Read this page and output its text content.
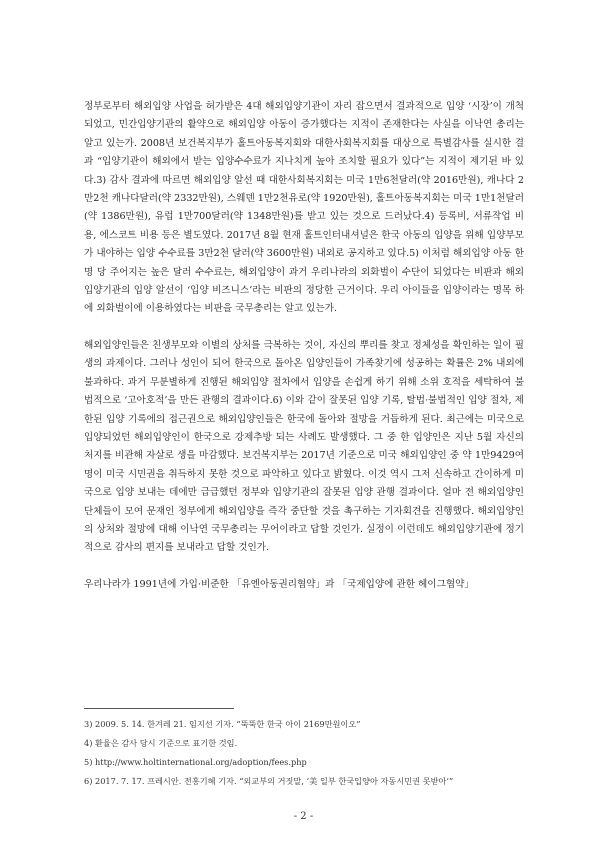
정부로부터 해외입양 사업을 허가받은 4대 해외입양기관이 자리 잡으면서 결과적으로 입양 ‘시장’이 개척되었고, 민간입양기관의 활약으로 해외입양 아동이 증가했다는 지적이 존재한다는 사실을 이낙연 총리는 알고 있는가. 2008년 보건복지부가 홀트아동복지회와 대한사회복지회를 대상으로 특별감사를 실시한 결과 “입양기관이 해외에서 받는 입양수수료가 지나치게 높아 조치할 필요가 있다”는 지적이 제기된 바 있다.3) 감사 결과에 따르면 해외입양 알선 때 대한사회복지회는 미국 1만6천달러(약 2016만원), 캐나다 2만2천 캐나다달러(약 2332만원), 스웨덴 1만2천유로(약 1920만원), 홀트아동복지회는 미국 1만1천달러(약 1386만원), 유럽 1만700달러(약 1348만원)를 받고 있는 것으로 드러났다.4) 등록비, 서류작업 비용, 에스코트 비용 등은 별도였다. 2017년 8월 현재 홀트인터내셔널은 한국 아동의 입양을 위해 입양부모가 내야하는 입양 수수료를 3만2천 달러(약 3600만원) 내외로 공지하고 있다.5) 이처럼 해외입양 아동 한명 당 주어지는 높은 달러 수수료는, 해외입양이 과거 우리나라의 외화벌이 수단이 되었다는 비판과 해외입양기관의 입양 알선이 ‘입양 비즈니스’라는 비판의 정당한 근거이다. 우리 아이들을 입양이라는 명목 하에 외화벌이에 이용하였다는 비판을 국무총리는 알고 있는가.

해외입양인들은 친생부모와 이별의 상처를 극복하는 것이, 자신의 뿌리를 찾고 정체성을 확인하는 일이 필생의 과제이다. 그러나 성인이 되어 한국으로 돌아온 입양인들이 가족찾기에 성공하는 확률은 2% 내외에 불과하다. 과거 무분별하게 진행된 해외입양 절차에서 입양을 손쉽게 하기 위해 소위 호적을 세탁하여 불법적으로 ‘고아호적’을 만든 관행의 결과이다.6) 이와 같이 잘못된 입양 기록, 탈법·불법적인 입양 절차, 제한된 입양 기록에의 접근권으로 해외입양인들은 한국에 돌아와 절망을 거듭하게 된다. 최근에는 미국으로 입양되었던 해외입양인이 한국으로 강제추방 되는 사례도 발생했다. 그 중 한 입양인은 지난 5월 자신의 처지를 비관해 자살로 생을 마감했다. 보건복지부는 2017년 기준으로 미국 해외입양인 중 약 1만9429여명이 미국 시민권을 취득하지 못한 것으로 파악하고 있다고 밝혔다. 이것 역시 그저 신속하고 간이하게 미국으로 입양 보내는 데에만 급급했던 정부와 입양기관의 잘못된 입양 관행 결과이다. 얼마 전 해외입양인 단체들이 모여 문재인 정부에게 해외입양을 즉각 중단할 것을 촉구하는 기자회견을 진행했다. 해외입양인의 상처와 절망에 대해 이낙연 국무총리는 무어이라고 답할 것인가. 실정이 이런데도 해외입양기관에 정기적으로 감사의 편지를 보내라고 답할 것인가.

우리나라가 1991년에 가입·비준한 「유엔아동권리협약」과 「국제입양에 관한 헤이그협약」

3) 2009. 5. 14. 한겨레 21. 임지선 기자. “뚝뚝한 한국 아이 2169만원이오”

4) 환율은 감사 당시 기준으로 표기한 것임.

5) http://www.holtinternational.org/adoption/fees.php

6) 2017. 7. 17. 프레시안. 전홍기혜 기자. “외교부의 거짓말, ‘美 일부 한국입양아 자동시민권 못받아’”

- 2 -
